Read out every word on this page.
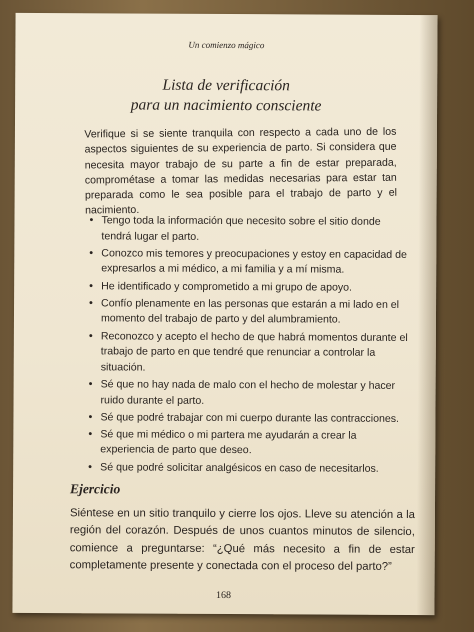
Un comienzo mágico
Lista de verificación
para un nacimiento consciente

Verifique si se siente tranquila con respecto a cada uno de los aspectos siguientes de su experiencia de parto. Si considera que necesita mayor trabajo de su parte a fin de estar preparada, comprométase a tomar las medidas necesarias para estar tan preparada como le sea posible para el trabajo de parto y el nacimiento.

• Tengo toda la información que necesito sobre el sitio donde tendrá lugar el parto.
• Conozco mis temores y preocupaciones y estoy en capacidad de expresarlos a mi médico, a mi familia y a mí misma.
• He identificado y comprometido a mi grupo de apoyo.
• Confío plenamente en las personas que estarán a mi lado en el momento del trabajo de parto y del alumbramiento.
• Reconozco y acepto el hecho de que habrá momentos durante el trabajo de parto en que tendré que renunciar a controlar la situación.
• Sé que no hay nada de malo con el hecho de molestar y hacer ruido durante el parto.
• Sé que podré trabajar con mi cuerpo durante las contracciones.
• Sé que mi médico o mi partera me ayudarán a crear la experiencia de parto que deseo.
• Sé que podré solicitar analgésicos en caso de necesitarlos.
Ejercicio

Siéntese en un sitio tranquilo y cierre los ojos. Lleve su atención a la región del corazón. Después de unos cuantos minutos de silencio, comience a preguntarse: “¿Qué más necesito a fin de estar completamente presente y conectada con el proceso del parto?”

168
